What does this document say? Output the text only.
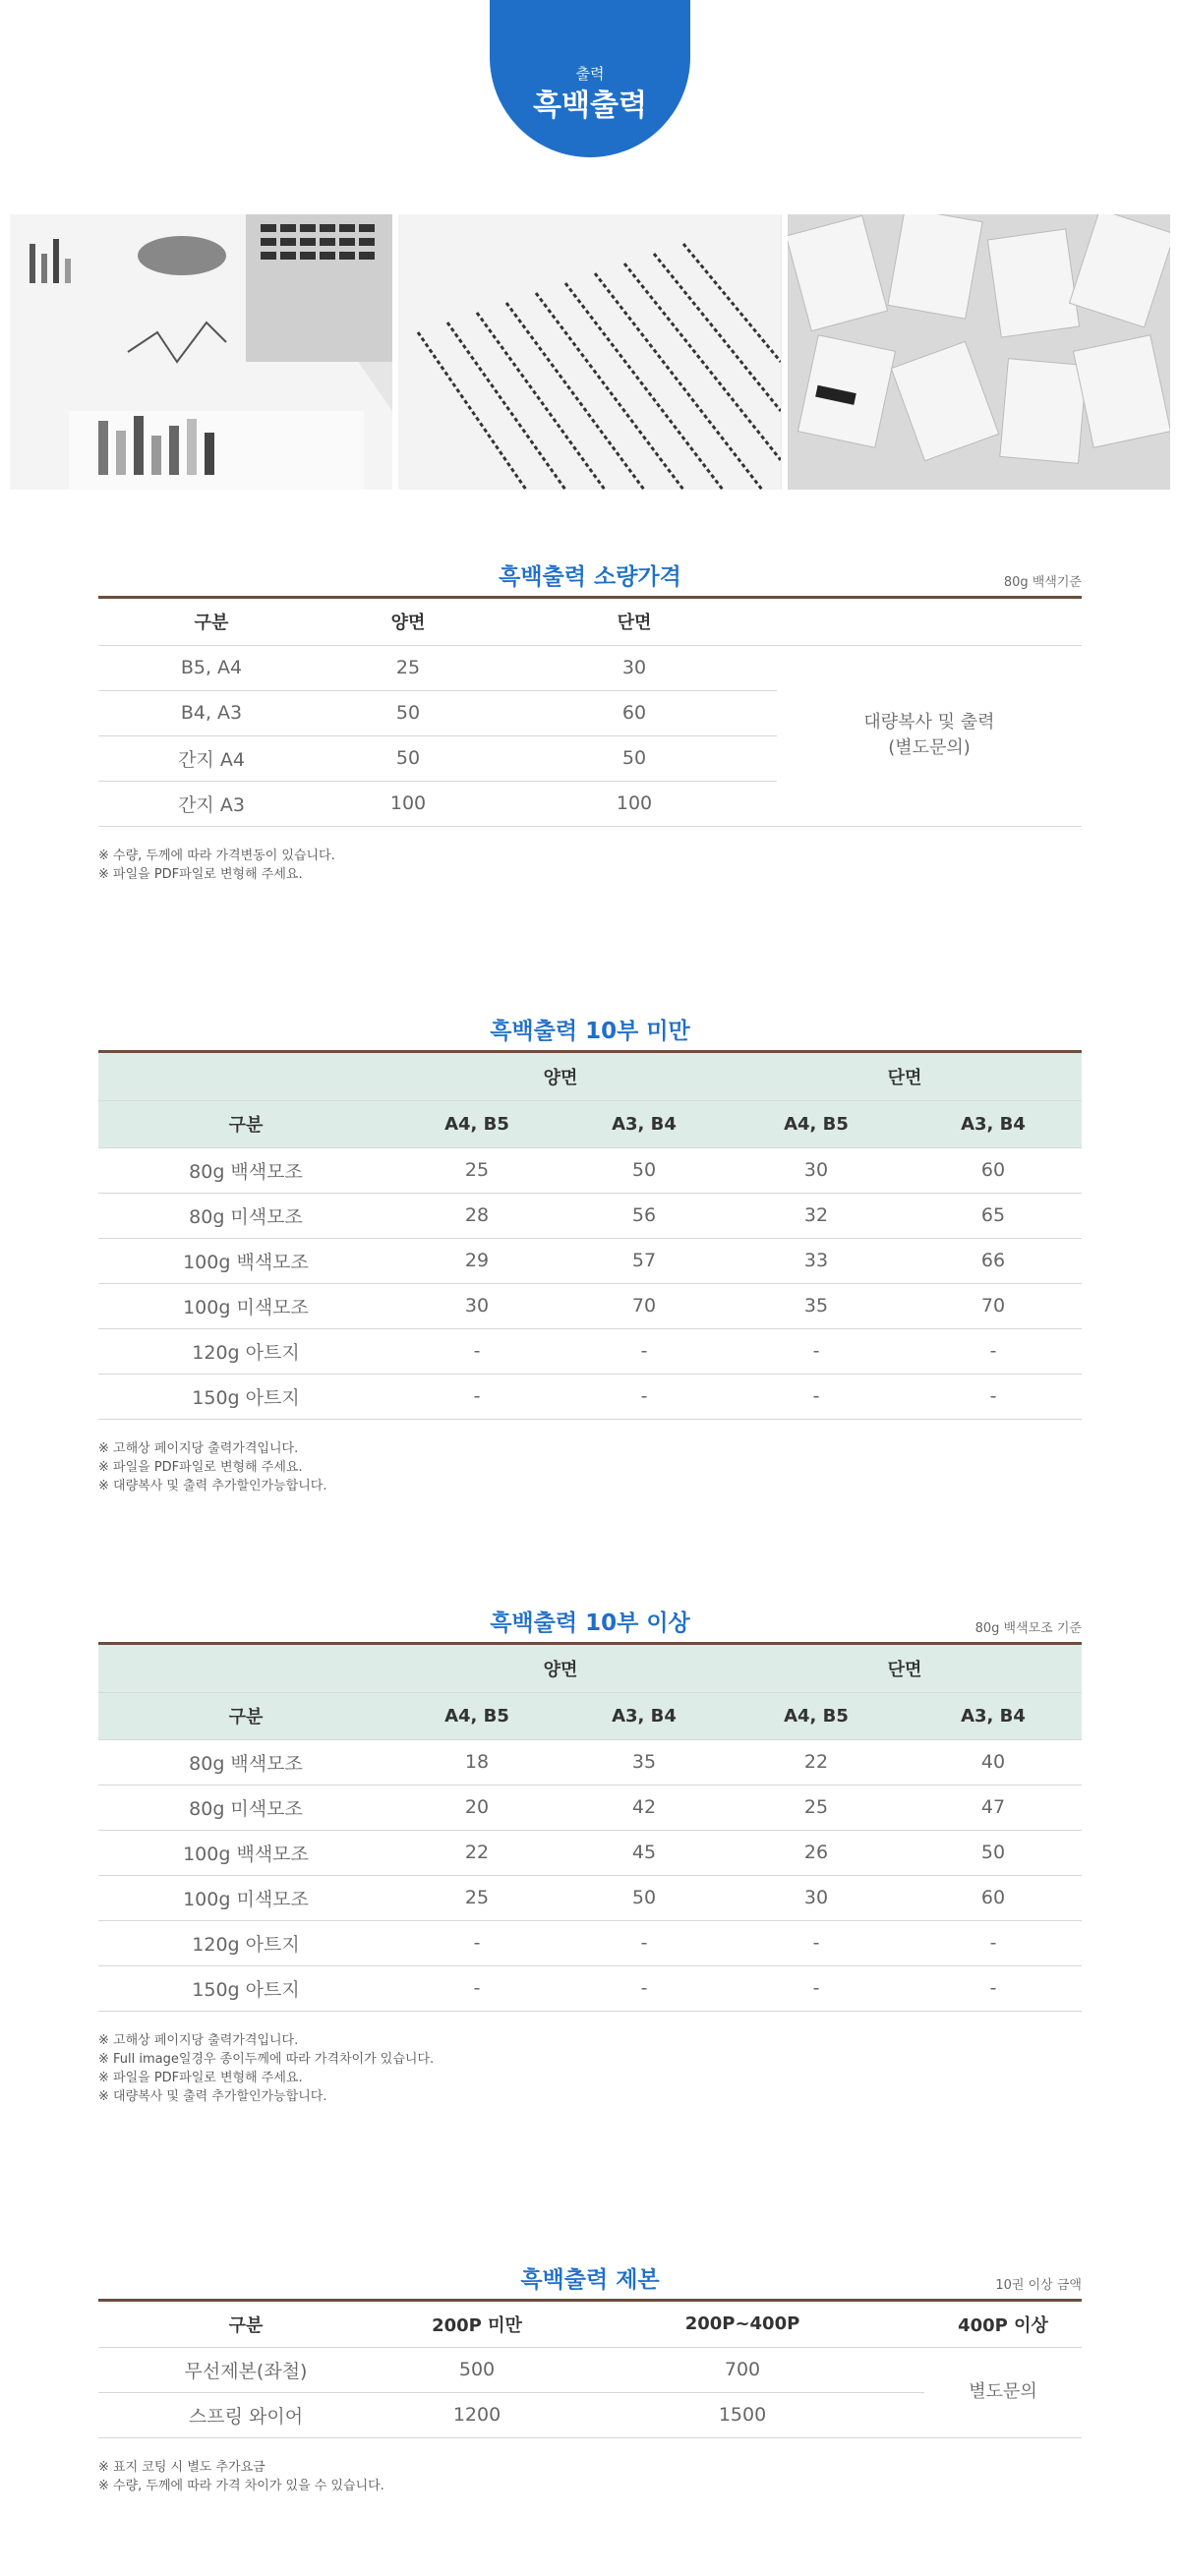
출력
흑백출력
흑백출력 소량가격	80g 백색기준
구분	양면	단면	
B5, A4	25	30	대량복사 및 출력
(별도문의)

B4, A3	50	60	
간지 A4	50	50	
간지 A3	100	100	
※ 수량, 두께에 따라 가격변동이 있습니다.
※ 파일을 PDF파일로 변형해 주세요.
흑백출력 10부 미만
	양면		단면	
구분	A4, B5	A3, B4	A4, B5	A3, B4
80g 백색모조	25	50	30	60
80g 미색모조	28	56	32	65
100g 백색모조	29	57	33	66
100g 미색모조	30	70	35	70
120g 아트지	-	-	-	-
150g 아트지	-	-	-	-
※ 고해상 페이지당 출력가격입니다.
※ 파일을 PDF파일로 변형해 주세요.
※ 대량복사 및 출력 추가할인가능합니다.
흑백출력 10부 이상	80g 백색모조 기준
	양면		단면	
구분	A4, B5	A3, B4	A4, B5	A3, B4
80g 백색모조	18	35	22	40
80g 미색모조	20	42	25	47
100g 백색모조	22	45	26	50
100g 미색모조	25	50	30	60
120g 아트지	-	-	-	-
150g 아트지	-	-	-	-
※ 고해상 페이지당 출력가격입니다.
※ Full image일경우 종이두께에 따라 가격차이가 있습니다.
※ 파일을 PDF파일로 변형해 주세요.
※ 대량복사 및 출력 추가할인가능합니다.
흑백출력 제본	10권 이상 금액
구분	200P 미만	200P~400P	400P 이상
무선제본(좌철)	500	700	별도문의
스프링 와이어	1200	1500	
※ 표지 코팅 시 별도 추가요금
※ 수량, 두께에 따라 가격 차이가 있을 수 있습니다.
